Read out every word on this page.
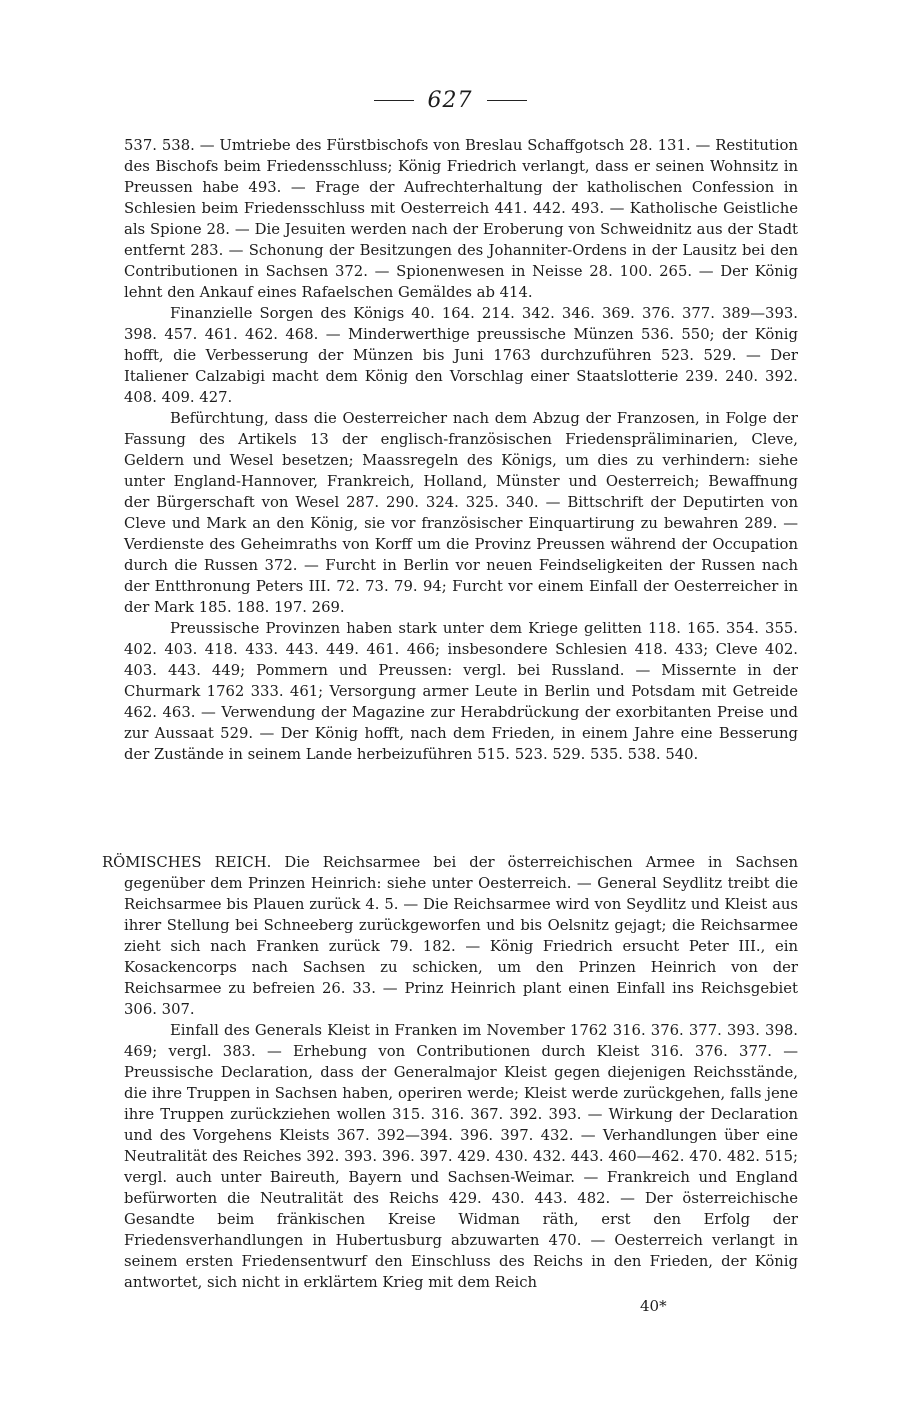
627

537. 538. — Umtriebe des Fürstbischofs von Breslau Schaffgotsch 28. 131. — Restitution des Bischofs beim Friedensschluss; König Friedrich verlangt, dass er seinen Wohnsitz in Preussen habe 493. — Frage der Aufrechterhaltung der katholischen Confession in Schlesien beim Friedensschluss mit Oesterreich 441. 442. 493. — Katholische Geistliche als Spione 28. — Die Jesuiten werden nach der Eroberung von Schweidnitz aus der Stadt entfernt 283. — Schonung der Besitzungen des Johanniter-Ordens in der Lausitz bei den Contributionen in Sachsen 372. — Spionenwesen in Neisse 28. 100. 265. — Der König lehnt den Ankauf eines Rafaelschen Gemäldes ab 414.

Finanzielle Sorgen des Königs 40. 164. 214. 342. 346. 369. 376. 377. 389—393. 398. 457. 461. 462. 468. — Minderwerthige preussische Münzen 536. 550; der König hofft, die Verbesserung der Münzen bis Juni 1763 durchzuführen 523. 529. — Der Italiener Calzabigi macht dem König den Vorschlag einer Staatslotterie 239. 240. 392. 408. 409. 427.

Befürchtung, dass die Oesterreicher nach dem Abzug der Franzosen, in Folge der Fassung des Artikels 13 der englisch-französischen Friedenspräliminarien, Cleve, Geldern und Wesel besetzen; Maassregeln des Königs, um dies zu verhindern: siehe unter England-Hannover, Frankreich, Holland, Münster und Oesterreich; Bewaffnung der Bürgerschaft von Wesel 287. 290. 324. 325. 340. — Bittschrift der Deputirten von Cleve und Mark an den König, sie vor französischer Einquartirung zu bewahren 289. — Verdienste des Geheimraths von Korff um die Provinz Preussen während der Occupation durch die Russen 372. — Furcht in Berlin vor neuen Feindseligkeiten der Russen nach der Entthronung Peters III. 72. 73. 79. 94; Furcht vor einem Einfall der Oesterreicher in der Mark 185. 188. 197. 269.

Preussische Provinzen haben stark unter dem Kriege gelitten 118. 165. 354. 355. 402. 403. 418. 433. 443. 449. 461. 466; insbesondere Schlesien 418. 433; Cleve 402. 403. 443. 449; Pommern und Preussen: vergl. bei Russland. — Missernte in der Churmark 1762 333. 461; Versorgung armer Leute in Berlin und Potsdam mit Getreide 462. 463. — Verwendung der Magazine zur Herabdrückung der exorbitanten Preise und zur Aussaat 529. — Der König hofft, nach dem Frieden, in einem Jahre eine Besserung der Zustände in seinem Lande herbeizuführen 515. 523. 529. 535. 538. 540.

RÖMISCHES REICH. Die Reichsarmee bei der österreichischen Armee in Sachsen gegenüber dem Prinzen Heinrich: siehe unter Oesterreich. — General Seydlitz treibt die Reichsarmee bis Plauen zurück 4. 5. — Die Reichsarmee wird von Seydlitz und Kleist aus ihrer Stellung bei Schneeberg zurückgeworfen und bis Oelsnitz gejagt; die Reichsarmee zieht sich nach Franken zurück 79. 182. — König Friedrich ersucht Peter III., ein Kosackencorps nach Sachsen zu schicken, um den Prinzen Heinrich von der Reichsarmee zu befreien 26. 33. — Prinz Heinrich plant einen Einfall ins Reichsgebiet 306. 307.

Einfall des Generals Kleist in Franken im November 1762 316. 376. 377. 393. 398. 469; vergl. 383. — Erhebung von Contributionen durch Kleist 316. 376. 377. — Preussische Declaration, dass der Generalmajor Kleist gegen diejenigen Reichsstände, die ihre Truppen in Sachsen haben, operiren werde; Kleist werde zurückgehen, falls jene ihre Truppen zurückziehen wollen 315. 316. 367. 392. 393. — Wirkung der Declaration und des Vorgehens Kleists 367. 392—394. 396. 397. 432. — Verhandlungen über eine Neutralität des Reiches 392. 393. 396. 397. 429. 430. 432. 443. 460—462. 470. 482. 515; vergl. auch unter Baireuth, Bayern und Sachsen-Weimar. — Frankreich und England befürworten die Neutralität des Reichs 429. 430. 443. 482. — Der österreichische Gesandte beim fränkischen Kreise Widman räth, erst den Erfolg der Friedensverhandlungen in Hubertusburg abzuwarten 470. — Oesterreich verlangt in seinem ersten Friedensentwurf den Einschluss des Reichs in den Frieden, der König antwortet, sich nicht in erklärtem Krieg mit dem Reich

40*
